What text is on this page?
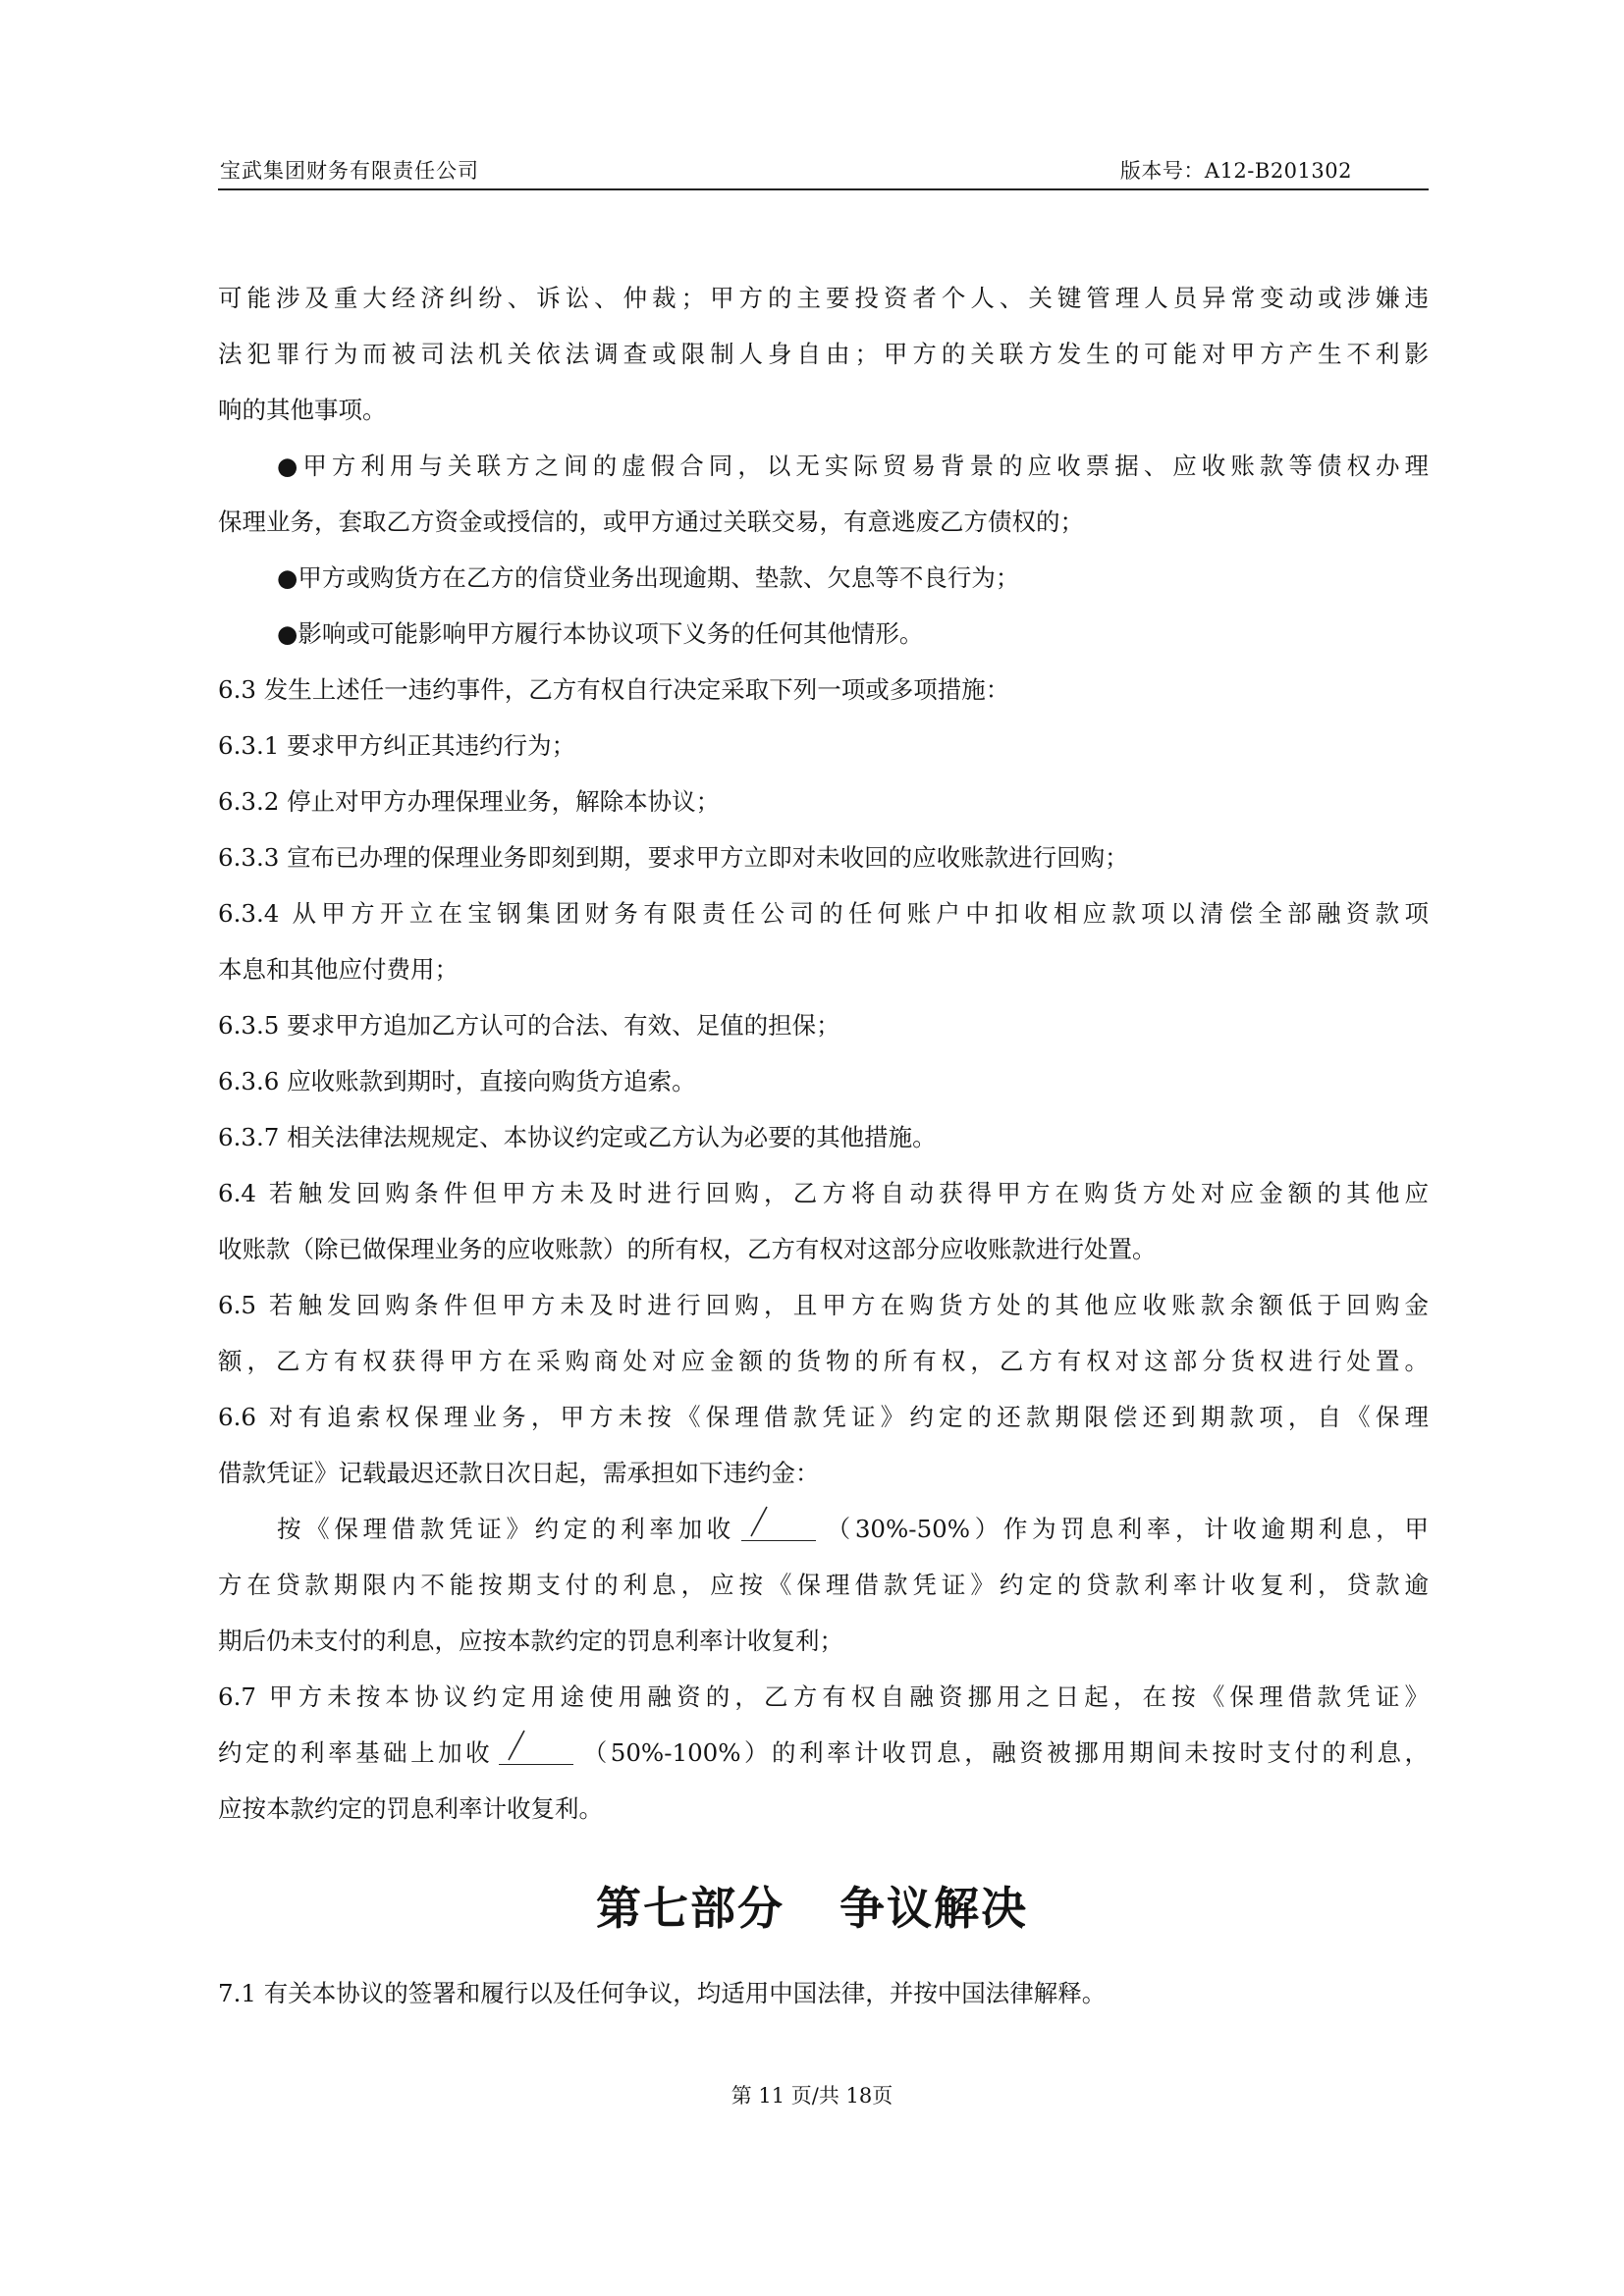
宝武集团财务有限责任公司	版本号：A12-B201302
可能涉及重大经济纠纷、诉讼、仲裁；甲方的主要投资者个人、关键管理人员异常变动或涉嫌违
法犯罪行为而被司法机关依法调查或限制人身自由；甲方的关联方发生的可能对甲方产生不利影
响的其他事项。
●甲方利用与关联方之间的虚假合同，以无实际贸易背景的应收票据、应收账款等债权办理
保理业务，套取乙方资金或授信的，或甲方通过关联交易，有意逃废乙方债权的；
●甲方或购货方在乙方的信贷业务出现逾期、垫款、欠息等不良行为；
●影响或可能影响甲方履行本协议项下义务的任何其他情形。
6.3 发生上述任一违约事件，乙方有权自行决定采取下列一项或多项措施：
6.3.1 要求甲方纠正其违约行为；
6.3.2 停止对甲方办理保理业务，解除本协议；
6.3.3 宣布已办理的保理业务即刻到期，要求甲方立即对未收回的应收账款进行回购；
6.3.4 从甲方开立在宝钢集团财务有限责任公司的任何账户中扣收相应款项以清偿全部融资款项
本息和其他应付费用；
6.3.5 要求甲方追加乙方认可的合法、有效、足值的担保；
6.3.6 应收账款到期时，直接向购货方追索。
6.3.7 相关法律法规规定、本协议约定或乙方认为必要的其他措施。
6.4 若触发回购条件但甲方未及时进行回购，乙方将自动获得甲方在购货方处对应金额的其他应
收账款（除已做保理业务的应收账款）的所有权，乙方有权对这部分应收账款进行处置。
6.5 若触发回购条件但甲方未及时进行回购，且甲方在购货方处的其他应收账款余额低于回购金
额，乙方有权获得甲方在采购商处对应金额的货物的所有权，乙方有权对这部分货权进行处置。
6.6 对有追索权保理业务，甲方未按《保理借款凭证》约定的还款期限偿还到期款项，自《保理
借款凭证》记载最迟还款日次日起，需承担如下违约金：
按《保理借款凭证》约定的利率加收	（30%-50%）作为罚息利率，计收逾期利息，甲
方在贷款期限内不能按期支付的利息，应按《保理借款凭证》约定的贷款利率计收复利，贷款逾
期后仍未支付的利息，应按本款约定的罚息利率计收复利；
6.7 甲方未按本协议约定用途使用融资的，乙方有权自融资挪用之日起，在按《保理借款凭证》
约定的利率基础上加收	（50%-100%）的利率计收罚息，融资被挪用期间未按时支付的利息，
应按本款约定的罚息利率计收复利。
第七部分 争议解决
7.1 有关本协议的签署和履行以及任何争议，均适用中国法律，并按中国法律解释。
第 11 页/共 18页
